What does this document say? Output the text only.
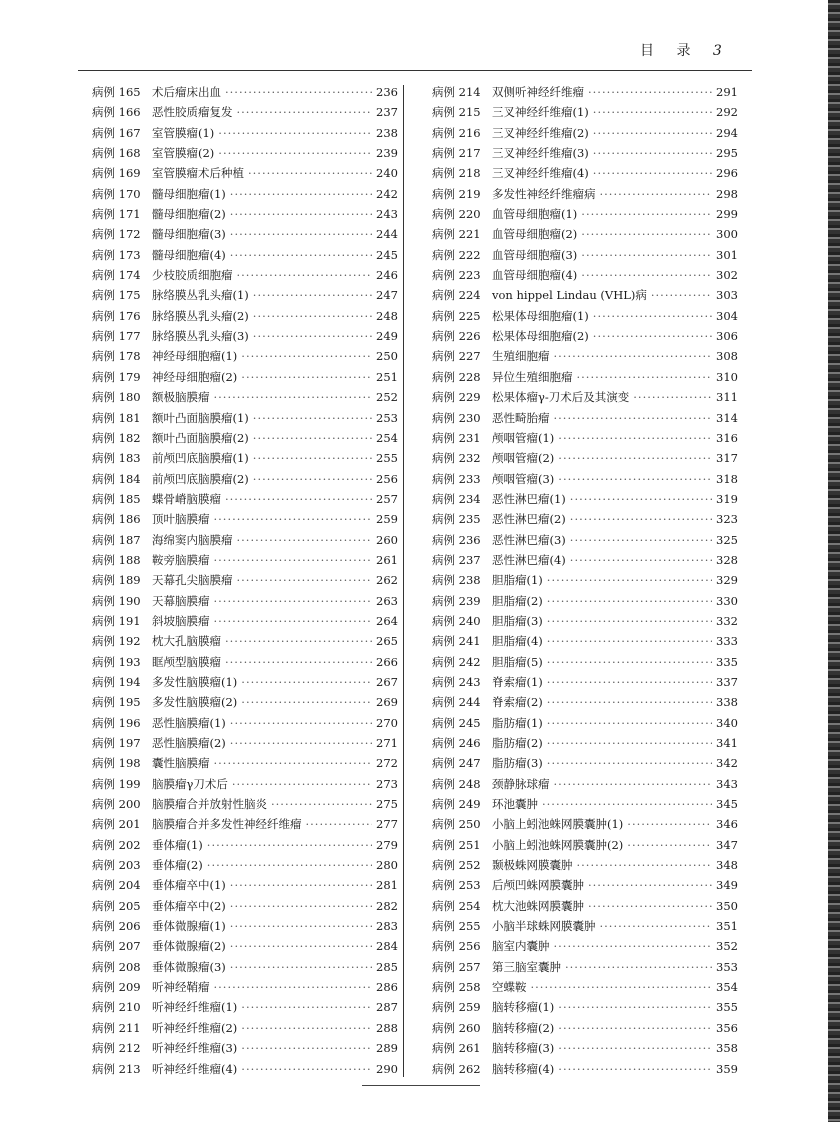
目 录 3
病例 165 术后瘤床出血 ·····	236
病例 166 恶性胶质瘤复发 ·····	237
病例 167 室管膜瘤(1) ·····	238
病例 168 室管膜瘤(2) ·····	239
病例 169 室管膜瘤术后种植 ·····	240
病例 170 髓母细胞瘤(1) ·····	242
病例 171 髓母细胞瘤(2) ·····	243
病例 172 髓母细胞瘤(3) ·····	244
病例 173 髓母细胞瘤(4) ·····	245
病例 174 少枝胶质细胞瘤 ·····	246
病例 175 脉络膜丛乳头瘤(1) ·····	247
病例 176 脉络膜丛乳头瘤(2) ·····	248
病例 177 脉络膜丛乳头瘤(3) ·····	249
病例 178 神经母细胞瘤(1) ·····	250
病例 179 神经母细胞瘤(2) ·····	251
病例 180 额极脑膜瘤 ·····	252
病例 181 额叶凸面脑膜瘤(1) ·····	253
病例 182 额叶凸面脑膜瘤(2) ·····	254
病例 183 前颅凹底脑膜瘤(1) ·····	255
病例 184 前颅凹底脑膜瘤(2) ·····	256
病例 185 蝶骨嵴脑膜瘤 ·····	257
病例 186 顶叶脑膜瘤 ·····	259
病例 187 海绵窦内脑膜瘤 ·····	260
病例 188 鞍旁脑膜瘤 ·····	261
病例 189 天幕孔尖脑膜瘤 ·····	262
病例 190 天幕脑膜瘤 ·····	263
病例 191 斜坡脑膜瘤 ·····	264
病例 192 枕大孔脑膜瘤 ·····	265
病例 193 眶颅型脑膜瘤 ·····	266
病例 194 多发性脑膜瘤(1) ·····	267
病例 195 多发性脑膜瘤(2) ·····	269
病例 196 恶性脑膜瘤(1) ·····	270
病例 197 恶性脑膜瘤(2) ·····	271
病例 198 囊性脑膜瘤 ·····	272
病例 199 脑膜瘤γ刀术后 ·····	273
病例 200 脑膜瘤合并放射性脑炎 ·····	275
病例 201 脑膜瘤合并多发性神经纤维瘤 ·····	277
病例 202 垂体瘤(1) ·····	279
病例 203 垂体瘤(2) ·····	280
病例 204 垂体瘤卒中(1) ·····	281
病例 205 垂体瘤卒中(2) ·····	282
病例 206 垂体微腺瘤(1) ·····	283
病例 207 垂体微腺瘤(2) ·····	284
病例 208 垂体微腺瘤(3) ·····	285
病例 209 听神经鞘瘤 ·····	286
病例 210 听神经纤维瘤(1) ·····	287
病例 211 听神经纤维瘤(2) ·····	288
病例 212 听神经纤维瘤(3) ·····	289
病例 213 听神经纤维瘤(4) ·····	290
病例 214 双侧听神经纤维瘤 ·····	291
病例 215 三叉神经纤维瘤(1) ·····	292
病例 216 三叉神经纤维瘤(2) ·····	294
病例 217 三叉神经纤维瘤(3) ·····	295
病例 218 三叉神经纤维瘤(4) ·····	296
病例 219 多发性神经纤维瘤病 ·····	298
病例 220 血管母细胞瘤(1) ·····	299
病例 221 血管母细胞瘤(2) ·····	300
病例 222 血管母细胞瘤(3) ·····	301
病例 223 血管母细胞瘤(4) ·····	302
病例 224 von hippel Lindau (VHL)病 ·····	303
病例 225 松果体母细胞瘤(1) ·····	304
病例 226 松果体母细胞瘤(2) ·····	306
病例 227 生殖细胞瘤 ·····	308
病例 228 异位生殖细胞瘤 ·····	310
病例 229 松果体瘤γ-刀术后及其演变 ·····	311
病例 230 恶性畸胎瘤 ·····	314
病例 231 颅咽管瘤(1) ·····	316
病例 232 颅咽管瘤(2) ·····	317
病例 233 颅咽管瘤(3) ·····	318
病例 234 恶性淋巴瘤(1) ·····	319
病例 235 恶性淋巴瘤(2) ·····	323
病例 236 恶性淋巴瘤(3) ·····	325
病例 237 恶性淋巴瘤(4) ·····	328
病例 238 胆脂瘤(1) ·····	329
病例 239 胆脂瘤(2) ·····	330
病例 240 胆脂瘤(3) ·····	332
病例 241 胆脂瘤(4) ·····	333
病例 242 胆脂瘤(5) ·····	335
病例 243 脊索瘤(1) ·····	337
病例 244 脊索瘤(2) ·····	338
病例 245 脂肪瘤(1) ·····	340
病例 246 脂肪瘤(2) ·····	341
病例 247 脂肪瘤(3) ·····	342
病例 248 颈静脉球瘤 ·····	343
病例 249 环池囊肿 ·····	345
病例 250 小脑上蚓池蛛网膜囊肿(1) ·····	346
病例 251 小脑上蚓池蛛网膜囊肿(2) ·····	347
病例 252 颞极蛛网膜囊肿 ·····	348
病例 253 后颅凹蛛网膜囊肿 ·····	349
病例 254 枕大池蛛网膜囊肿 ·····	350
病例 255 小脑半球蛛网膜囊肿 ·····	351
病例 256 脑室内囊肿 ·····	352
病例 257 第三脑室囊肿 ·····	353
病例 258 空蝶鞍 ·····	354
病例 259 脑转移瘤(1) ·····	355
病例 260 脑转移瘤(2) ·····	356
病例 261 脑转移瘤(3) ·····	358
病例 262 脑转移瘤(4) ·····	359
